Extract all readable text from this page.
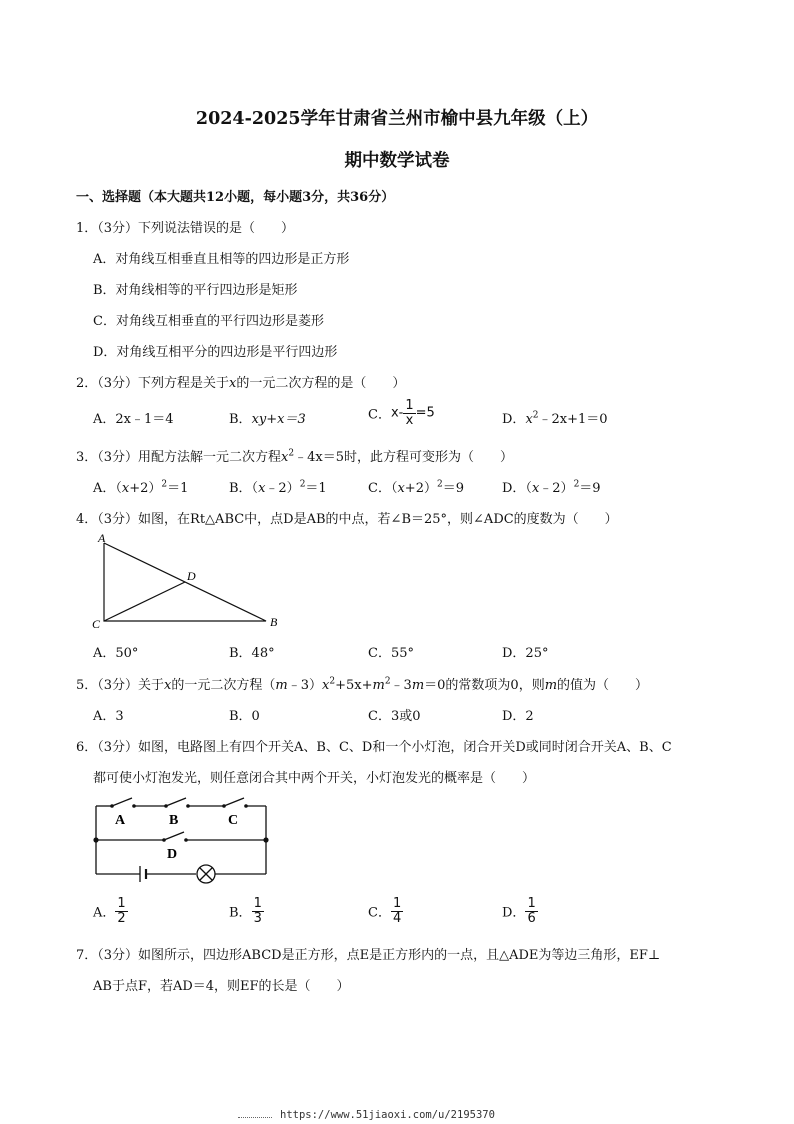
2024-2025学年甘肃省兰州市榆中县九年级（上）
期中数学试卷
一、选择题（本大题共12小题，每小题3分，共36分）
1．（3分）下列说法错误的是（　　）
A．对角线互相垂直且相等的四边形是正方形
B．对角线相等的平行四边形是矩形
C．对角线互相垂直的平行四边形是菱形
D．对角线互相平分的四边形是平行四边形
2．（3分）下列方程是关于x的一元二次方程的是（　　）
A．2x﹣1＝4	B．xy+x＝3	C．$x- \frac{1}{x} =5$	D．$x^2﹣2x+1=0$
3．（3分）用配方法解一元二次方程$x^2﹣4x=5$时，此方程可变形为（　　）
A．$(x+2)^2=1$	B．（x﹣2）$^2$＝1	C．$(x+2)^2=9$	D．（x﹣2）$^2$＝9
4．（3分）如图，在Rt△ABC中，点D是AB的中点，若∠B＝25°，则∠ADC的度数为（　　）
A
D
C	B
A．50°	B．48°	C．55°	D．25°
5．（3分）关于x的一元二次方程$(m﹣3)x^2+5x+m^2﹣3m=0$的常数项为0，则m的值为（　　）
A．3	B．0	C．3或0	D．2
6．（3分）如图，电路图上有四个开关A、B、C、D和一个小灯泡，闭合开关D或同时闭合开关A、B、C
都可使小灯泡发光，则任意闭合其中两个开关，小灯泡发光的概率是（　　）
A	B	C
D
A． $\frac{1}{2}$	B． $\frac{1}{3}$	C． $\frac{1}{4}$	D． $\frac{1}{6}$
7．（3分）如图所示，四边形ABCD是正方形，点E是正方形内的一点，且△ADE为等边三角形，EF⊥
AB于点F，若AD＝4，则EF的长是（　　）
https://www.51jiaoxi.com/u/2195370
